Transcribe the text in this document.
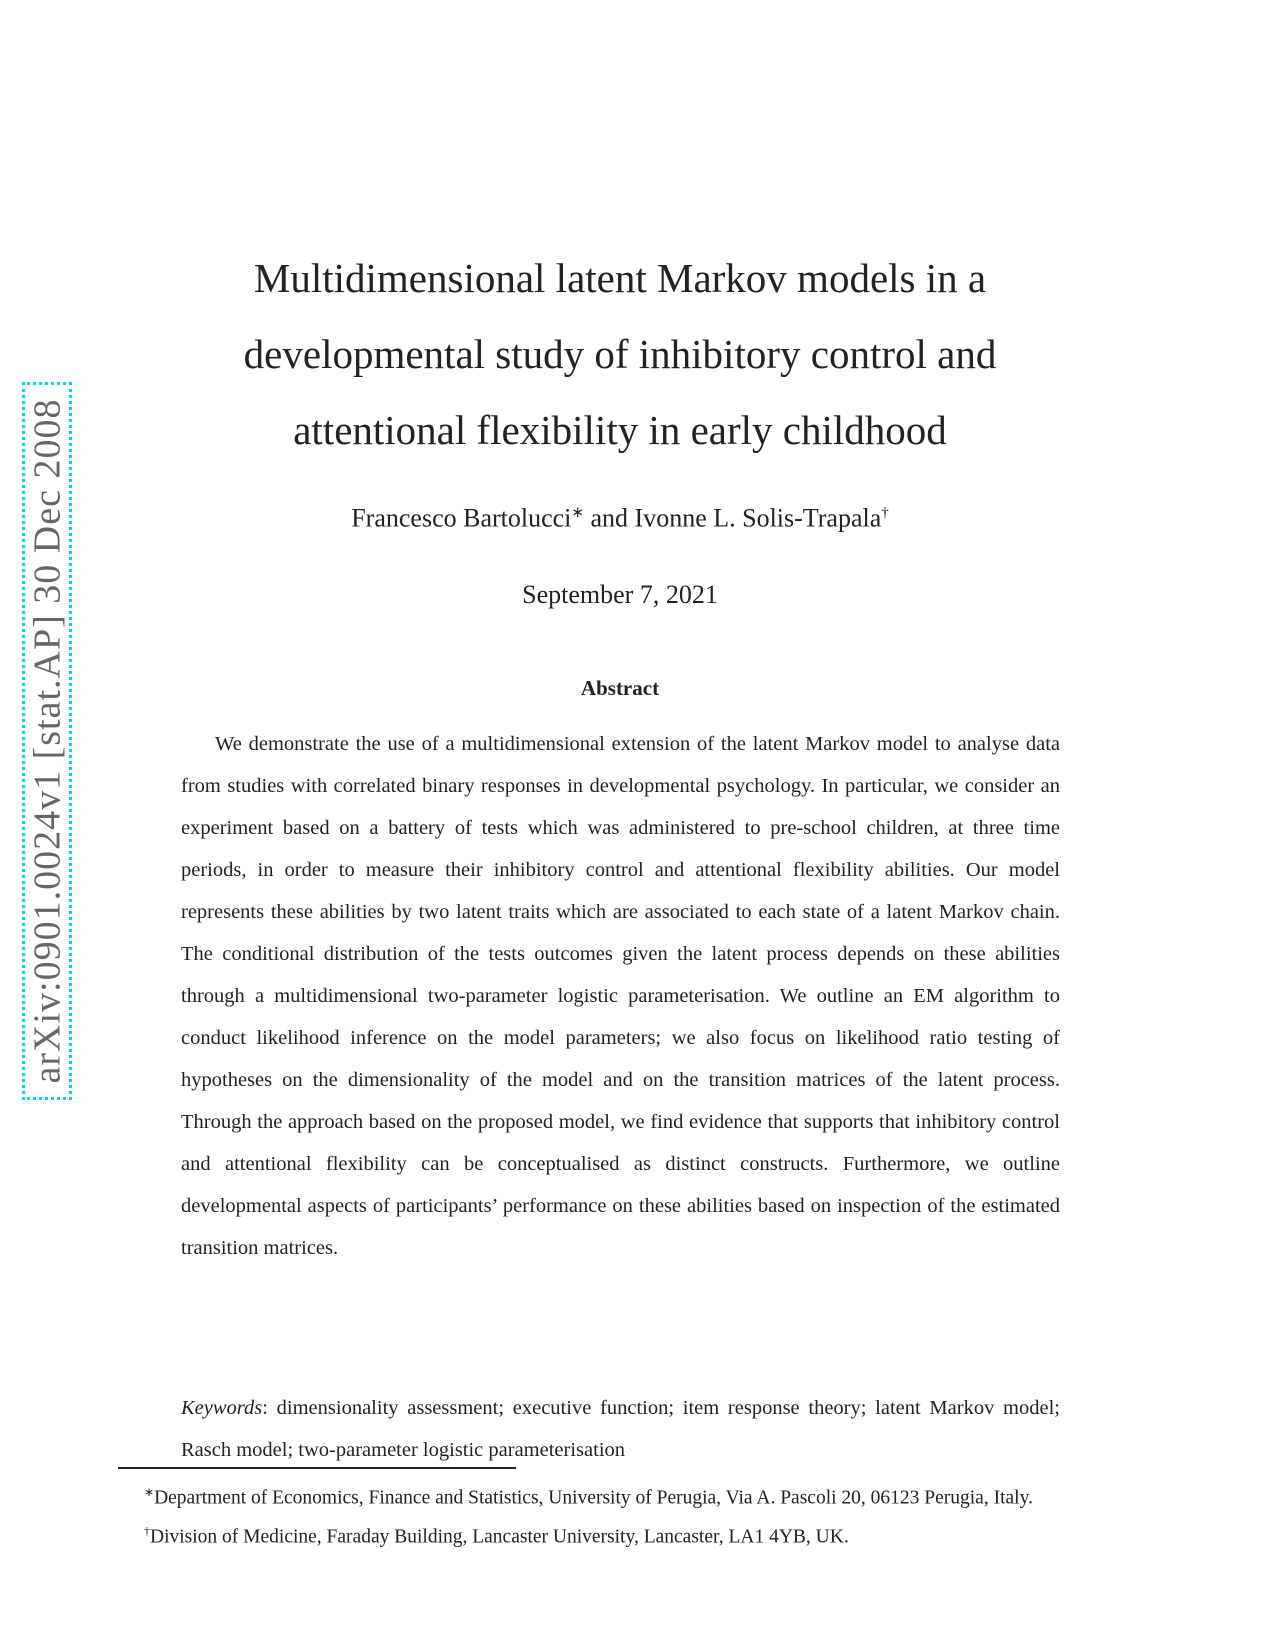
arXiv:0901.0024v1 [stat.AP] 30 Dec 2008
Multidimensional latent Markov models in a
developmental study of inhibitory control and
attentional flexibility in early childhood
Francesco Bartolucci∗ and Ivonne L. Solis-Trapala†
September 7, 2021
Abstract

We demonstrate the use of a multidimensional extension of the latent Markov model to analyse data from studies with correlated binary responses in developmental psychology. In particular, we consider an experiment based on a battery of tests which was administered to pre-school children, at three time periods, in order to measure their inhibitory control and attentional flexibility abilities. Our model represents these abilities by two latent traits which are associated to each state of a latent Markov chain. The conditional distribution of the tests outcomes given the latent process depends on these abilities through a multidimensional two-parameter logistic parameterisation. We outline an EM algorithm to conduct likelihood inference on the model parameters; we also focus on likelihood ratio testing of hypotheses on the dimensionality of the model and on the transition matrices of the latent process. Through the approach based on the proposed model, we find evidence that supports that inhibitory control and attentional flexibility can be conceptualised as distinct constructs. Furthermore, we outline developmental aspects of participants’ performance on these abilities based on inspection of the estimated transition matrices.

Keywords: dimensionality assessment; executive function; item response theory; latent Markov model; Rasch model; two-parameter logistic parameterisation
∗Department of Economics, Finance and Statistics, University of Perugia, Via A. Pascoli 20, 06123 Perugia, Italy.
†Division of Medicine, Faraday Building, Lancaster University, Lancaster, LA1 4YB, UK.
